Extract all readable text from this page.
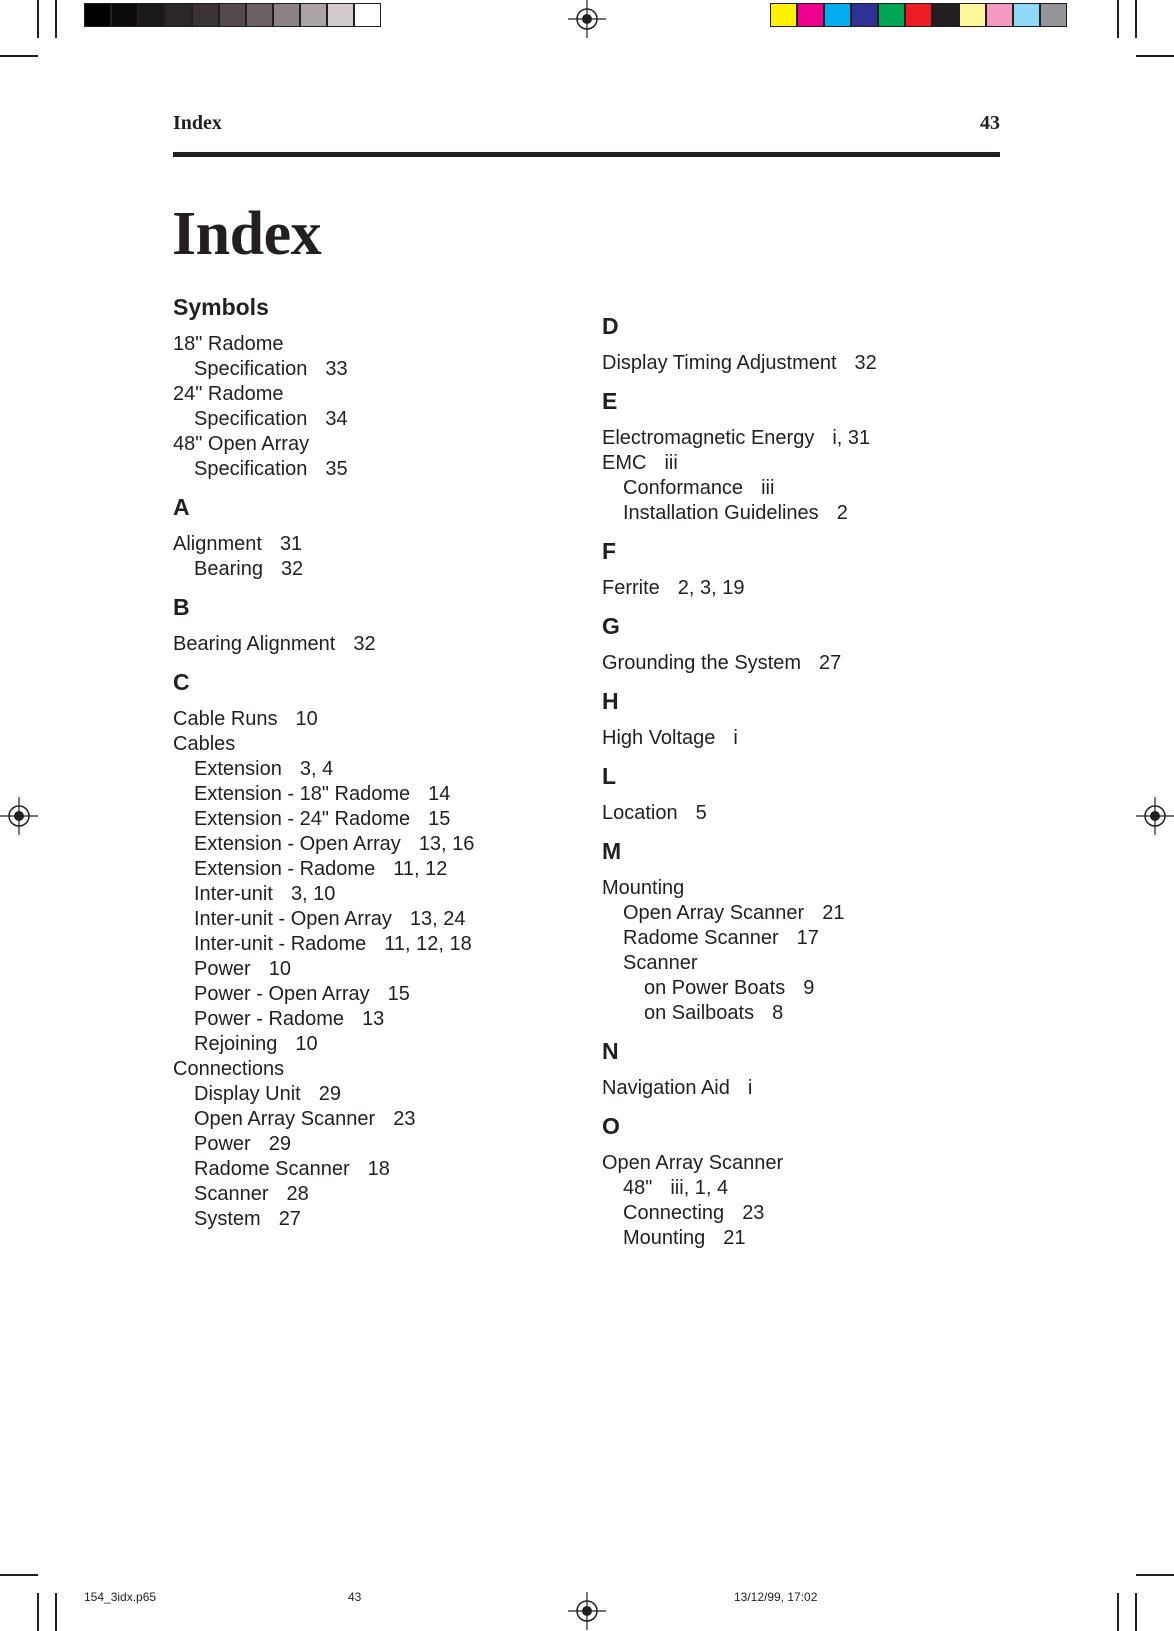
Index	43
Index
Symbols
18" Radome
Specification 33
24" Radome
Specification 34
48" Open Array
Specification 35
A
Alignment 31
Bearing 32
B
Bearing Alignment 32
C
Cable Runs 10
Cables
Extension 3, 4
Extension - 18" Radome 14
Extension - 24" Radome 15
Extension - Open Array 13, 16
Extension - Radome 11, 12
Inter-unit 3, 10
Inter-unit - Open Array 13, 24
Inter-unit - Radome 11, 12, 18
Power 10
Power - Open Array 15
Power - Radome 13
Rejoining 10
Connections
Display Unit 29
Open Array Scanner 23
Power 29
Radome Scanner 18
Scanner 28
System 27
D
Display Timing Adjustment 32
E
Electromagnetic Energy i, 31
EMC iii
Conformance iii
Installation Guidelines 2
F
Ferrite 2, 3, 19
G
Grounding the System 27
H
High Voltage i
L
Location 5
M
Mounting
Open Array Scanner 21
Radome Scanner 17
Scanner
on Power Boats 9
on Sailboats 8
N
Navigation Aid i
O
Open Array Scanner
48" iii, 1, 4
Connecting 23
Mounting 21
154_3idx.p65	43	13/12/99, 17:02
